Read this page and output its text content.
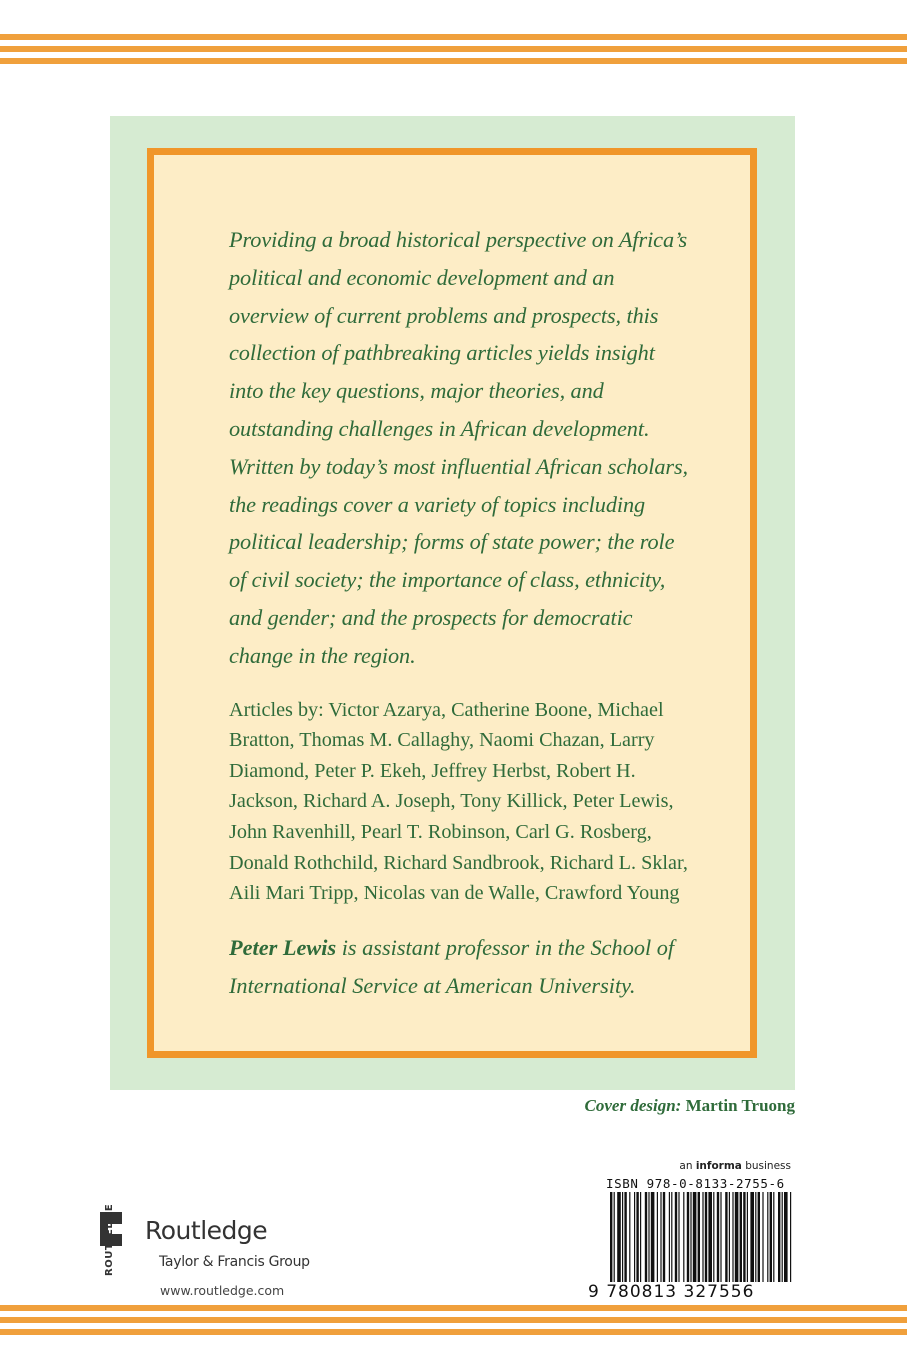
Providing a broad historical perspective on Africa’s political and economic development and an overview of current problems and prospects, this collection of pathbreaking articles yields insight into the key questions, major theories, and outstanding challenges in African development. Written by today’s most influential African scholars, the readings cover a variety of topics including political leadership; forms of state power; the role of civil society; the importance of class, ethnicity, and gender; and the prospects for democratic change in the region.

Articles by: Victor Azarya, Catherine Boone, Michael Bratton, Thomas M. Callaghy, Naomi Chazan, Larry Diamond, Peter P. Ekeh, Jeffrey Herbst, Robert H. Jackson, Richard A. Joseph, Tony Killick, Peter Lewis, John Ravenhill, Pearl T. Robinson, Carl G. Rosberg, Donald Rothchild, Richard Sandbrook, Richard L. Sklar, Aili Mari Tripp, Nicolas van de Walle, Crawford Young

Peter Lewis is assistant professor in the School of International Service at American University.

Cover design: Martin Truong
ROUTLEDGE Routledge
Taylor & Francis Group
www.routledge.com
an informa business
ISBN 978-0-8133-2755-6
9 780813 327556
